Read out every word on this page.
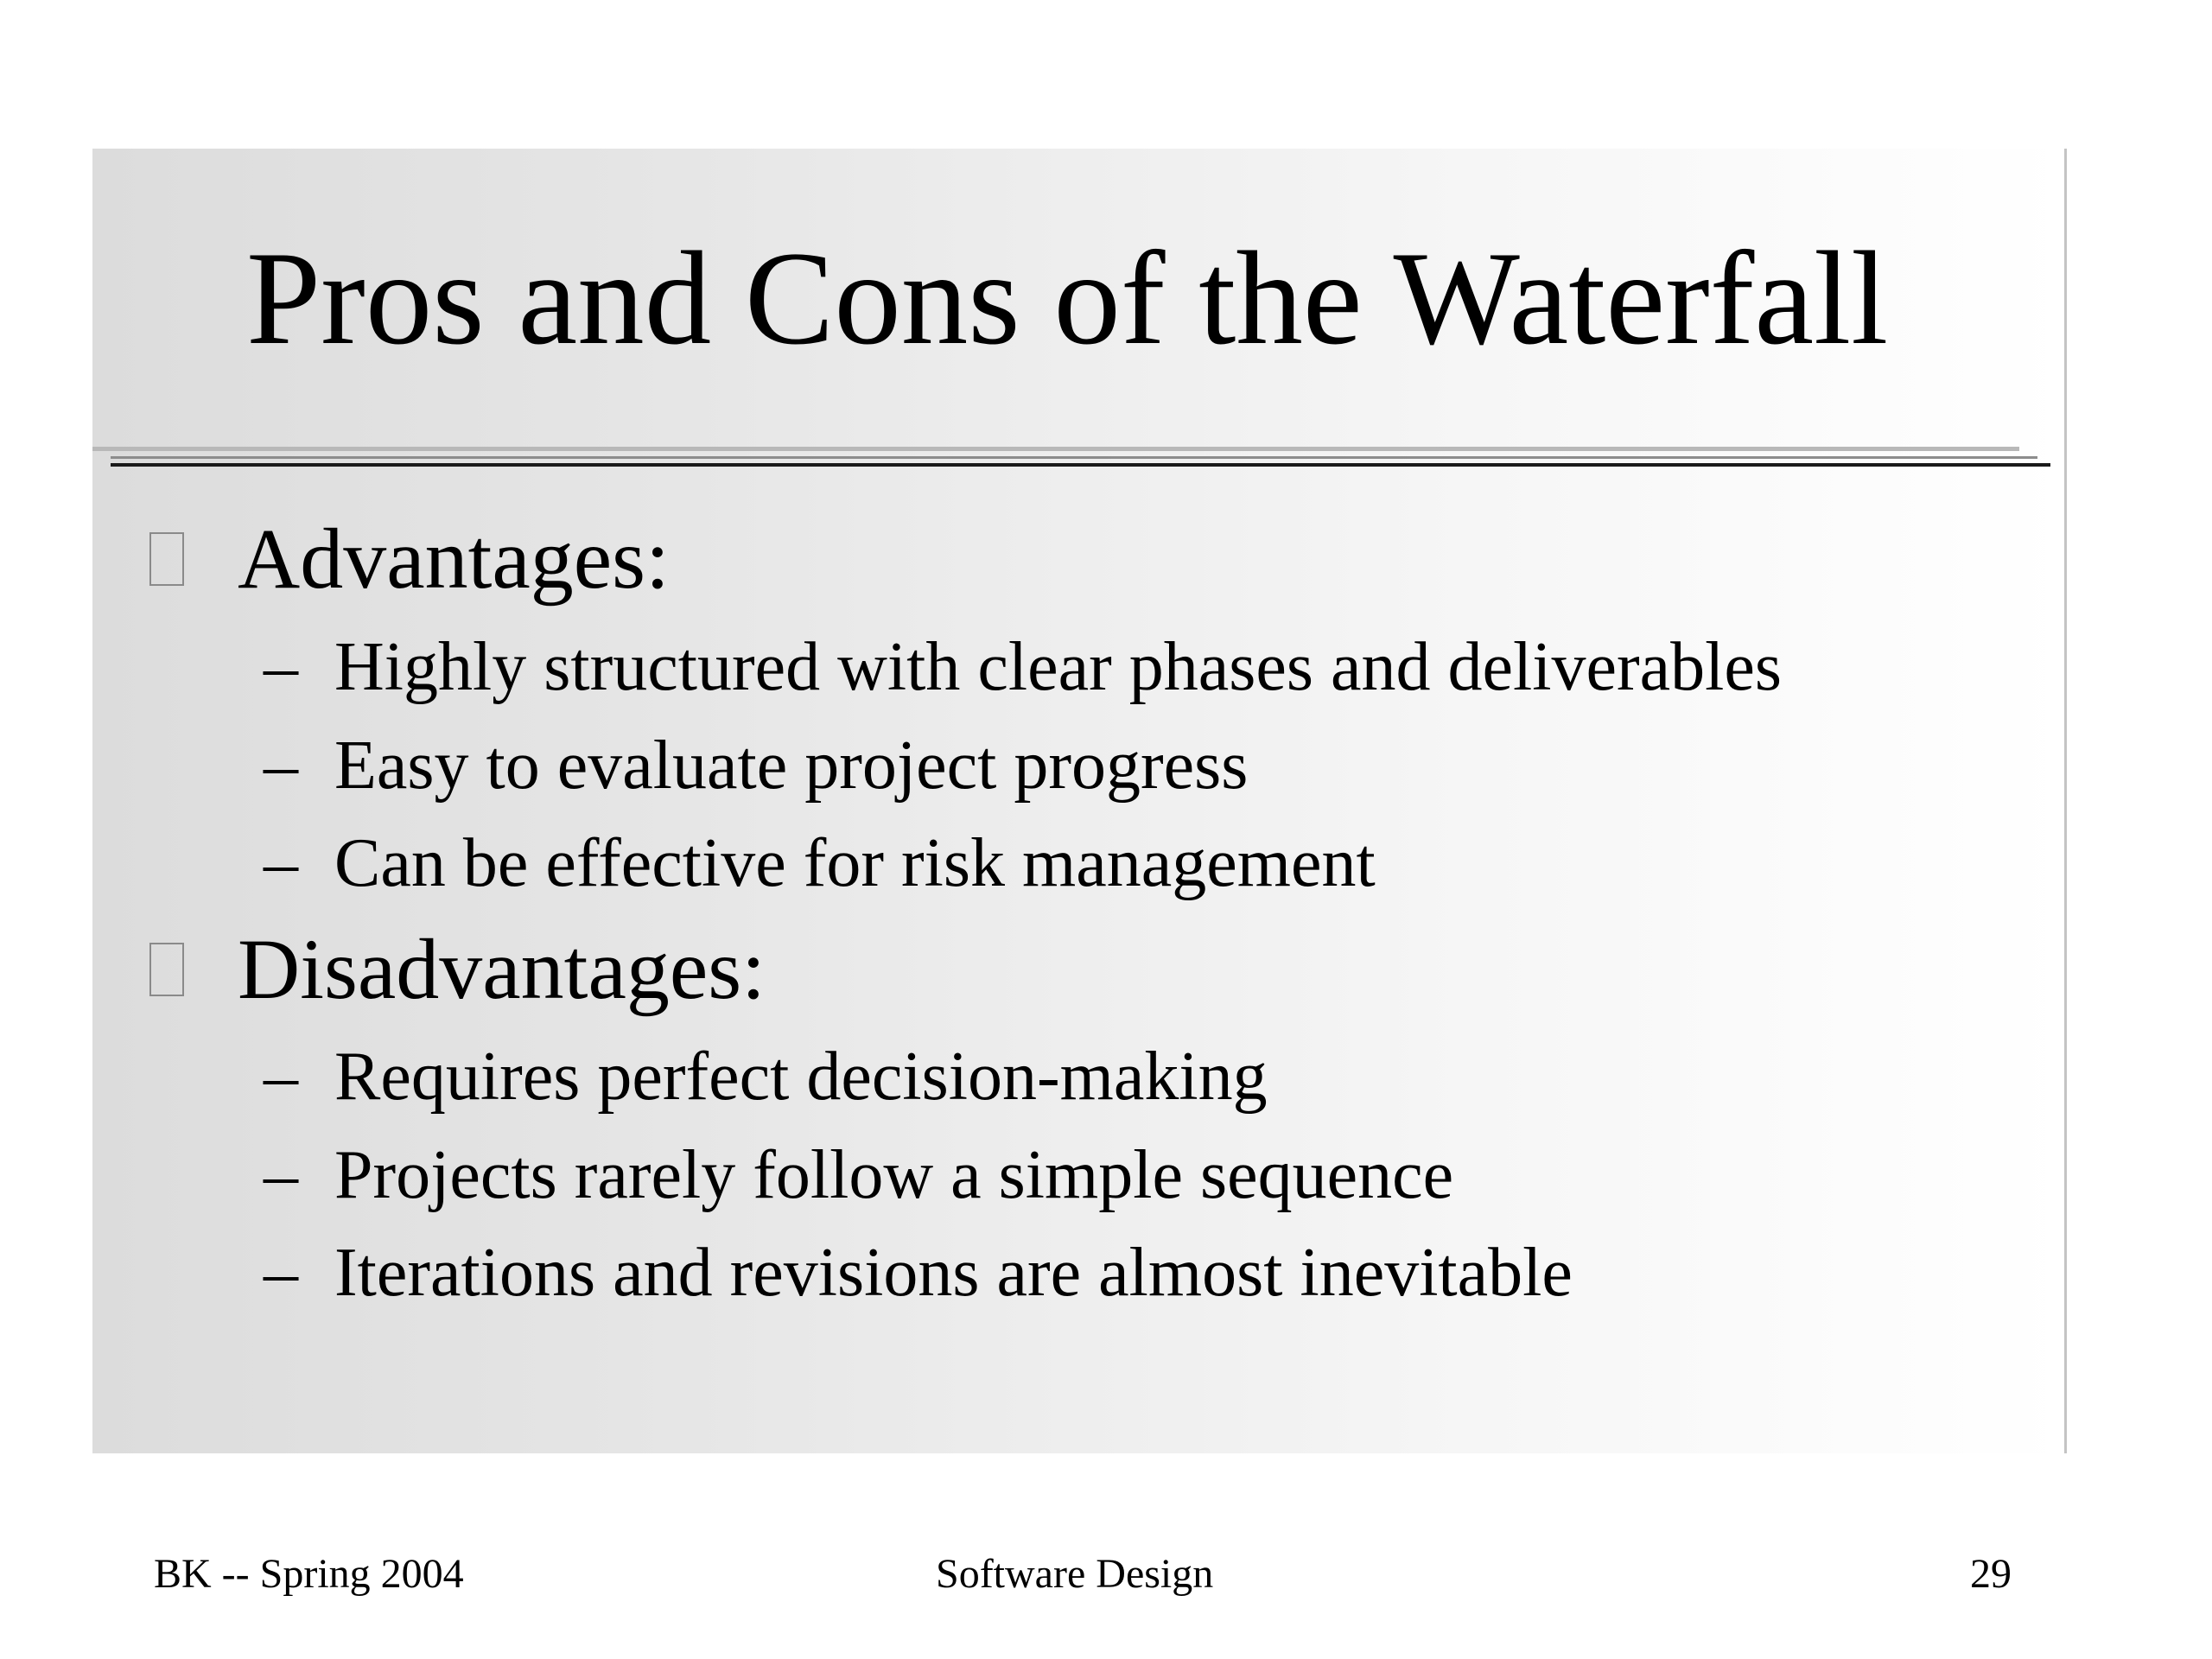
Pros and Cons of the Waterfall
Advantages:
– Highly structured with clear phases and deliverables
– Easy to evaluate project progress
– Can be effective for risk management
Disadvantages:
– Requires perfect decision-making
– Projects rarely follow a simple sequence
– Iterations and revisions are almost inevitable
BK -- Spring 2004	Software Design	29
